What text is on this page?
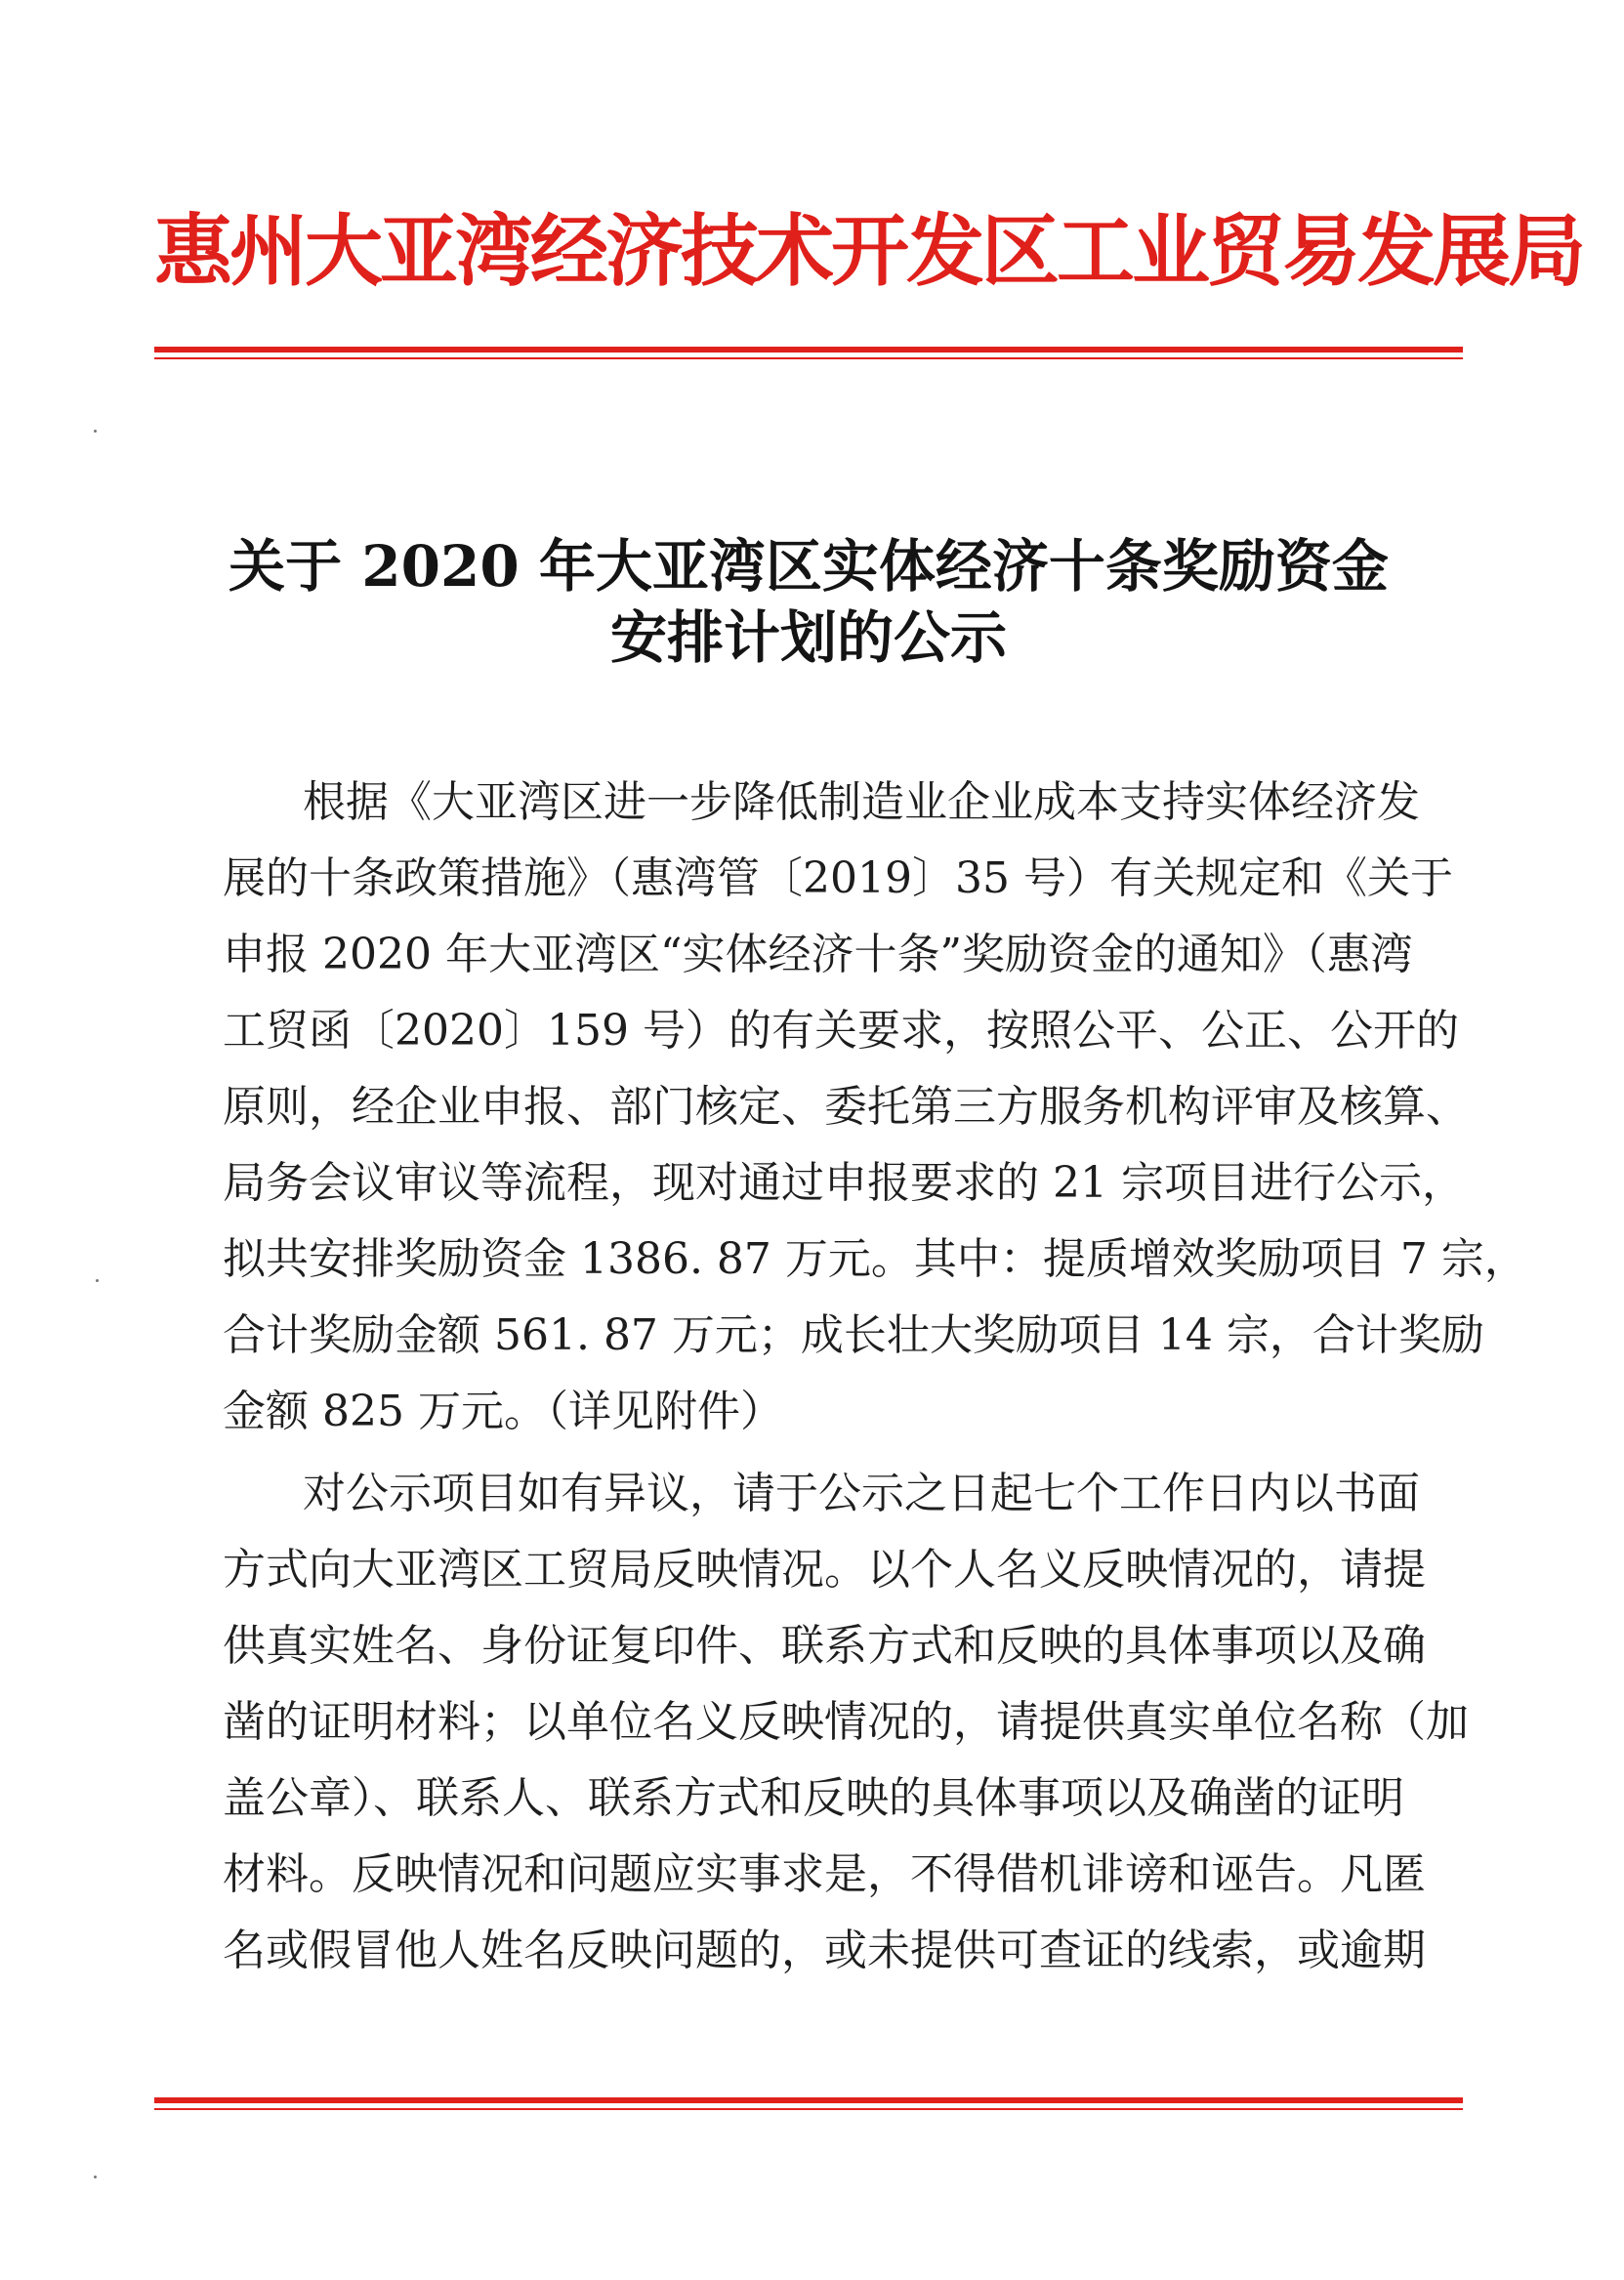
惠州大亚湾经济技术开发区工业贸易发展局
关于 2020 年大亚湾区实体经济十条奖励资金
安排计划的公示
根据《大亚湾区进一步降低制造业企业成本支持实体经济发
展的十条政策措施》（惠湾管〔2019〕35 号）有关规定和《关于
申报 2020 年大亚湾区“实体经济十条”奖励资金的通知》（惠湾
工贸函〔2020〕159 号）的有关要求，按照公平、公正、公开的
原则，经企业申报、部门核定、委托第三方服务机构评审及核算、
局务会议审议等流程，现对通过申报要求的 21 宗项目进行公示，
拟共安排奖励资金 1386. 87 万元。其中：提质增效奖励项目 7 宗，
合计奖励金额 561. 87 万元；成长壮大奖励项目 14 宗，合计奖励
金额 825 万元。（详见附件）
对公示项目如有异议，请于公示之日起七个工作日内以书面
方式向大亚湾区工贸局反映情况。以个人名义反映情况的，请提
供真实姓名、身份证复印件、联系方式和反映的具体事项以及确
凿的证明材料；以单位名义反映情况的，请提供真实单位名称（加
盖公章）、联系人、联系方式和反映的具体事项以及确凿的证明
材料。反映情况和问题应实事求是，不得借机诽谤和诬告。凡匿
名或假冒他人姓名反映问题的，或未提供可查证的线索，或逾期
